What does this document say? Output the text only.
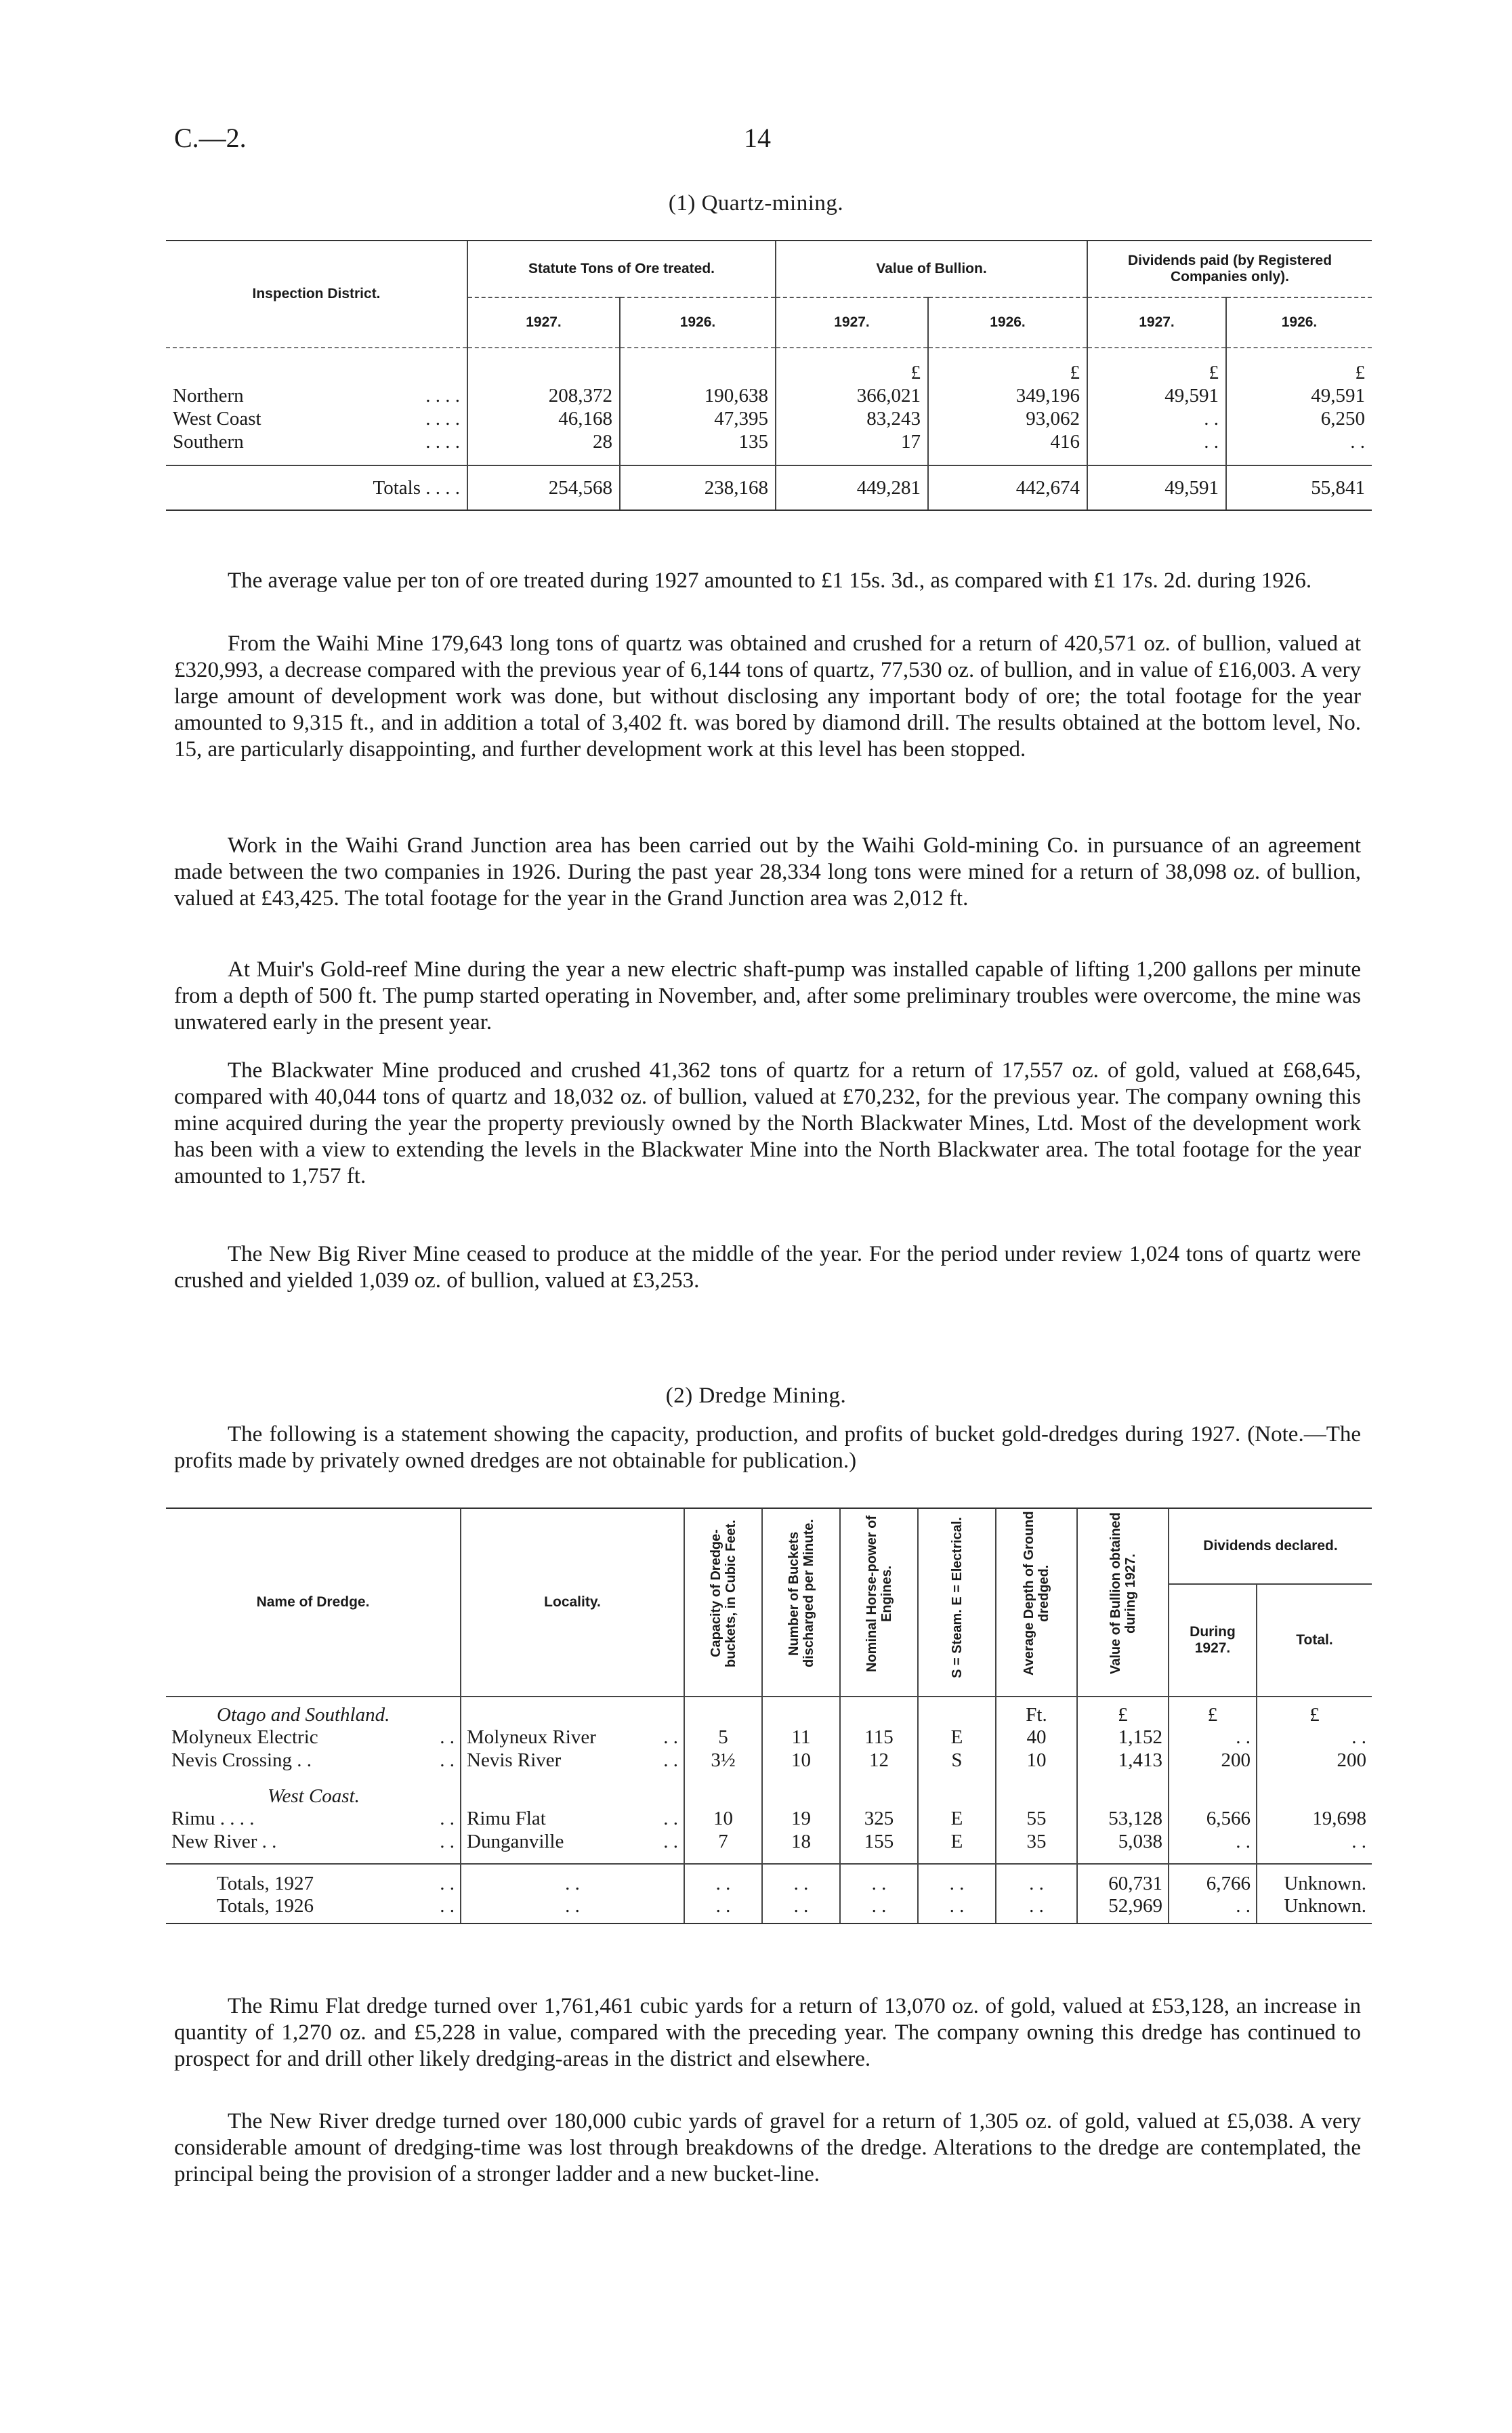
C.—2.	14
(1) Quartz-mining.
Inspection District.	Statute Tons of Ore treated.		Value of Bullion.		Dividends paid (by Registered Companies only).	
	1927.	1926.	1927.	1926.	1927.	1926.

			£	£	£	£
Northern . . . .	208,372	190,638	366,021	349,196	49,591	49,591
West Coast . . . .	46,168	47,395	83,243	93,062	. .	6,250
Southern . . . .	28	135	17	416	. .	. .

Totals . . . .	254,568	238,168	449,281	442,674	49,591	55,841

The average value per ton of ore treated during 1927 amounted to £1 15s. 3d., as compared with £1 17s. 2d. during 1926.

From the Waihi Mine 179,643 long tons of quartz was obtained and crushed for a return of 420,571 oz. of bullion, valued at £320,993, a decrease compared with the previous year of 6,144 tons of quartz, 77,530 oz. of bullion, and in value of £16,003. A very large amount of development work was done, but without disclosing any important body of ore; the total footage for the year amounted to 9,315 ft., and in addition a total of 3,402 ft. was bored by diamond drill. The results obtained at the bottom level, No. 15, are particularly disappointing, and further development work at this level has been stopped.

Work in the Waihi Grand Junction area has been carried out by the Waihi Gold-mining Co. in pursuance of an agreement made between the two companies in 1926. During the past year 28,334 long tons were mined for a return of 38,098 oz. of bullion, valued at £43,425. The total footage for the year in the Grand Junction area was 2,012 ft.

At Muir's Gold-reef Mine during the year a new electric shaft-pump was installed capable of lifting 1,200 gallons per minute from a depth of 500 ft. The pump started operating in November, and, after some preliminary troubles were overcome, the mine was unwatered early in the present year.

The Blackwater Mine produced and crushed 41,362 tons of quartz for a return of 17,557 oz. of gold, valued at £68,645, compared with 40,044 tons of quartz and 18,032 oz. of bullion, valued at £70,232, for the previous year. The company owning this mine acquired during the year the property previously owned by the North Blackwater Mines, Ltd. Most of the development work has been with a view to extending the levels in the Blackwater Mine into the North Blackwater area. The total footage for the year amounted to 1,757 ft.

The New Big River Mine ceased to produce at the middle of the year. For the period under review 1,024 tons of quartz were crushed and yielded 1,039 oz. of bullion, valued at £3,253.

(2) Dredge Mining.

The following is a statement showing the capacity, production, and profits of bucket gold-dredges during 1927. (Note.—The profits made by privately owned dredges are not obtainable for publication.)

Name of Dredge.	Locality.	Capacity of Dredge-buckets, in Cubic Feet.	Number of Buckets discharged per Minute.	Nominal Horse-power of Engines.	S = Steam. E = Electrical.	Average Depth of Ground dredged.	Value of Bullion obtained during 1927.	Dividends declared.	
								During 1927.	Total.
Otago and Southland.						Ft.	£	£	£
Molyneux Electric . .	Molyneux River . .	5	11	115	E	40	1,152	. .	. .
Nevis Crossing . . . .	Nevis River . .	3½	10	12	S	10	1,413	200	200
West Coast.									
Rimu . . . . . .	Rimu Flat . .	10	19	325	E	55	53,128	6,566	19,698
New River . . . .	Dunganville . .	7	18	155	E	35	5,038	. .	. .

Totals, 1927 . .	. .	. .	. .	. .	. .	. .	60,731	6,766	Unknown.
Totals, 1926 . .	. .	. .	. .	. .	. .	. .	52,969	. .	Unknown.

The Rimu Flat dredge turned over 1,761,461 cubic yards for a return of 13,070 oz. of gold, valued at £53,128, an increase in quantity of 1,270 oz. and £5,228 in value, compared with the preceding year. The company owning this dredge has continued to prospect for and drill other likely dredging-areas in the district and elsewhere.

The New River dredge turned over 180,000 cubic yards of gravel for a return of 1,305 oz. of gold, valued at £5,038. A very considerable amount of dredging-time was lost through breakdowns of the dredge. Alterations to the dredge are contemplated, the principal being the provision of a stronger ladder and a new bucket-line.
